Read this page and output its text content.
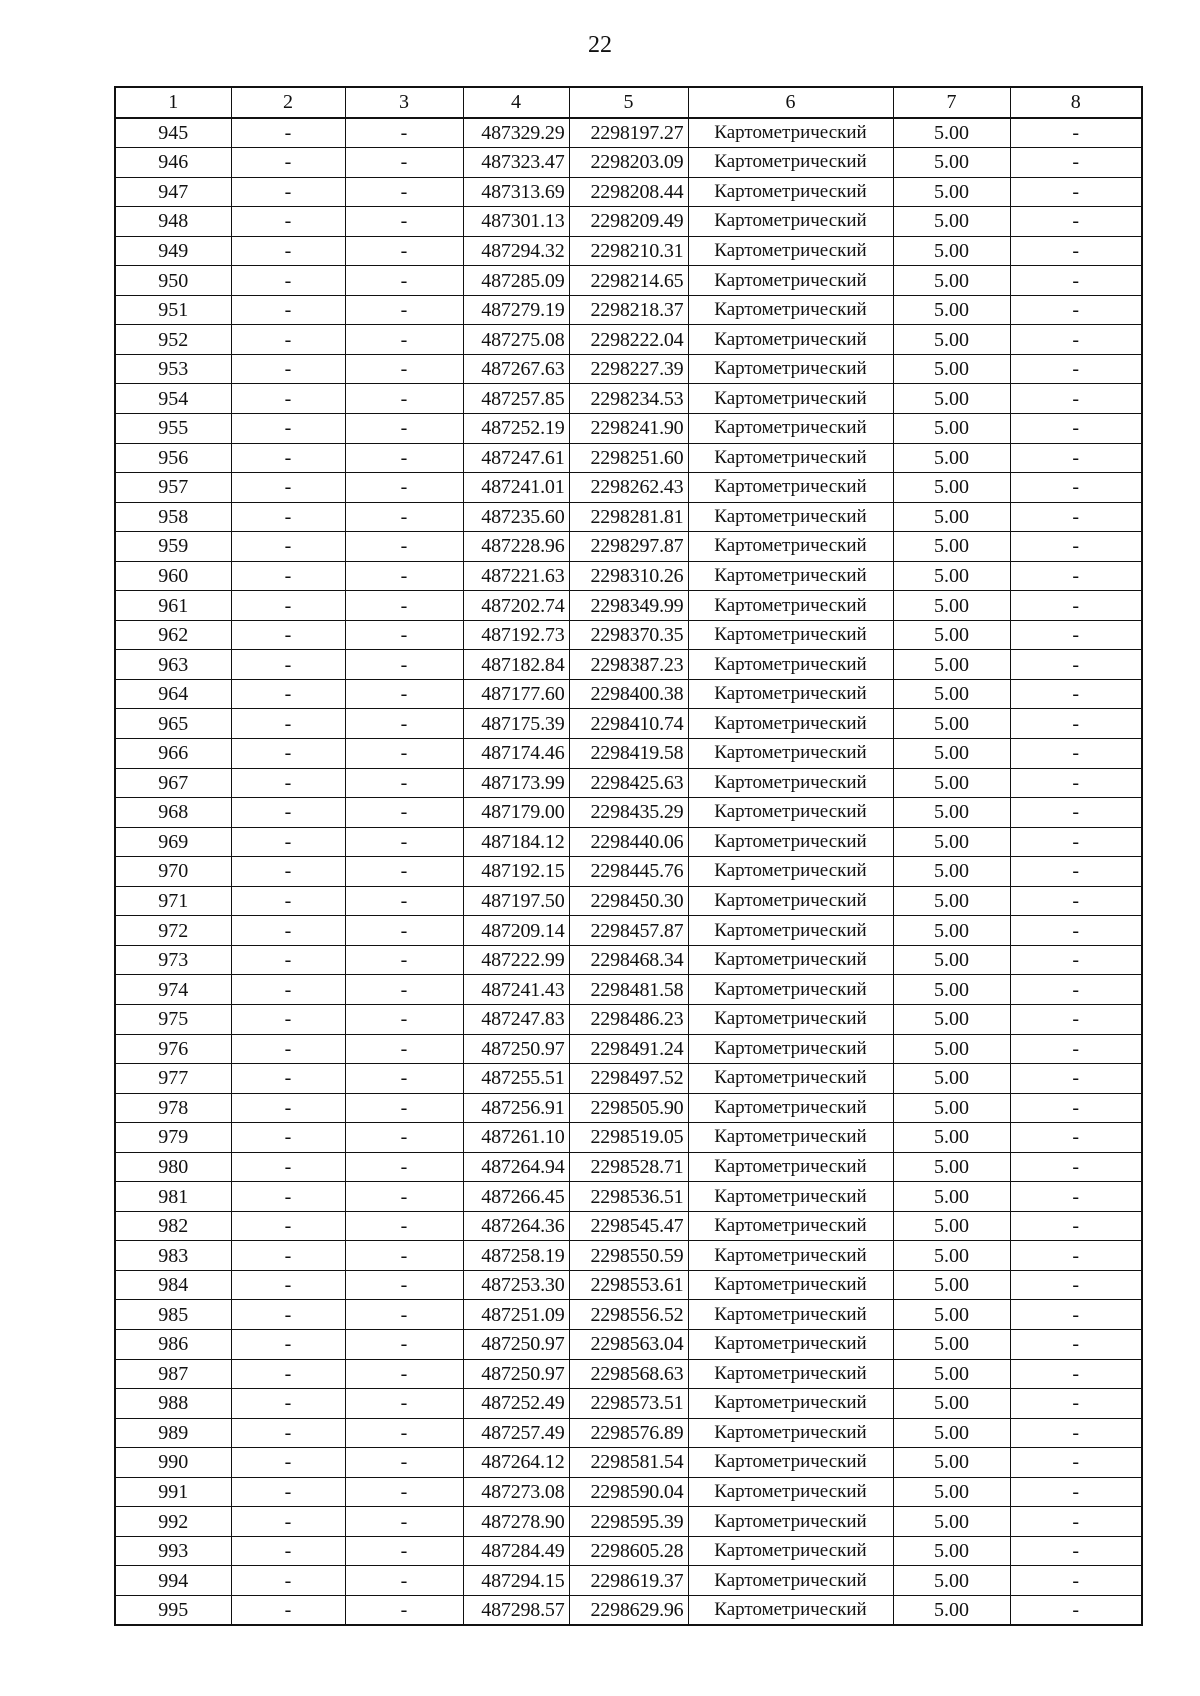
22
1	2	3	4	5	6	7	8
945	-	-	487329.29	2298197.27	Картометрический	5.00	-
946	-	-	487323.47	2298203.09	Картометрический	5.00	-
947	-	-	487313.69	2298208.44	Картометрический	5.00	-
948	-	-	487301.13	2298209.49	Картометрический	5.00	-
949	-	-	487294.32	2298210.31	Картометрический	5.00	-
950	-	-	487285.09	2298214.65	Картометрический	5.00	-
951	-	-	487279.19	2298218.37	Картометрический	5.00	-
952	-	-	487275.08	2298222.04	Картометрический	5.00	-
953	-	-	487267.63	2298227.39	Картометрический	5.00	-
954	-	-	487257.85	2298234.53	Картометрический	5.00	-
955	-	-	487252.19	2298241.90	Картометрический	5.00	-
956	-	-	487247.61	2298251.60	Картометрический	5.00	-
957	-	-	487241.01	2298262.43	Картометрический	5.00	-
958	-	-	487235.60	2298281.81	Картометрический	5.00	-
959	-	-	487228.96	2298297.87	Картометрический	5.00	-
960	-	-	487221.63	2298310.26	Картометрический	5.00	-
961	-	-	487202.74	2298349.99	Картометрический	5.00	-
962	-	-	487192.73	2298370.35	Картометрический	5.00	-
963	-	-	487182.84	2298387.23	Картометрический	5.00	-
964	-	-	487177.60	2298400.38	Картометрический	5.00	-
965	-	-	487175.39	2298410.74	Картометрический	5.00	-
966	-	-	487174.46	2298419.58	Картометрический	5.00	-
967	-	-	487173.99	2298425.63	Картометрический	5.00	-
968	-	-	487179.00	2298435.29	Картометрический	5.00	-
969	-	-	487184.12	2298440.06	Картометрический	5.00	-
970	-	-	487192.15	2298445.76	Картометрический	5.00	-
971	-	-	487197.50	2298450.30	Картометрический	5.00	-
972	-	-	487209.14	2298457.87	Картометрический	5.00	-
973	-	-	487222.99	2298468.34	Картометрический	5.00	-
974	-	-	487241.43	2298481.58	Картометрический	5.00	-
975	-	-	487247.83	2298486.23	Картометрический	5.00	-
976	-	-	487250.97	2298491.24	Картометрический	5.00	-
977	-	-	487255.51	2298497.52	Картометрический	5.00	-
978	-	-	487256.91	2298505.90	Картометрический	5.00	-
979	-	-	487261.10	2298519.05	Картометрический	5.00	-
980	-	-	487264.94	2298528.71	Картометрический	5.00	-
981	-	-	487266.45	2298536.51	Картометрический	5.00	-
982	-	-	487264.36	2298545.47	Картометрический	5.00	-
983	-	-	487258.19	2298550.59	Картометрический	5.00	-
984	-	-	487253.30	2298553.61	Картометрический	5.00	-
985	-	-	487251.09	2298556.52	Картометрический	5.00	-
986	-	-	487250.97	2298563.04	Картометрический	5.00	-
987	-	-	487250.97	2298568.63	Картометрический	5.00	-
988	-	-	487252.49	2298573.51	Картометрический	5.00	-
989	-	-	487257.49	2298576.89	Картометрический	5.00	-
990	-	-	487264.12	2298581.54	Картометрический	5.00	-
991	-	-	487273.08	2298590.04	Картометрический	5.00	-
992	-	-	487278.90	2298595.39	Картометрический	5.00	-
993	-	-	487284.49	2298605.28	Картометрический	5.00	-
994	-	-	487294.15	2298619.37	Картометрический	5.00	-
995	-	-	487298.57	2298629.96	Картометрический	5.00	-
